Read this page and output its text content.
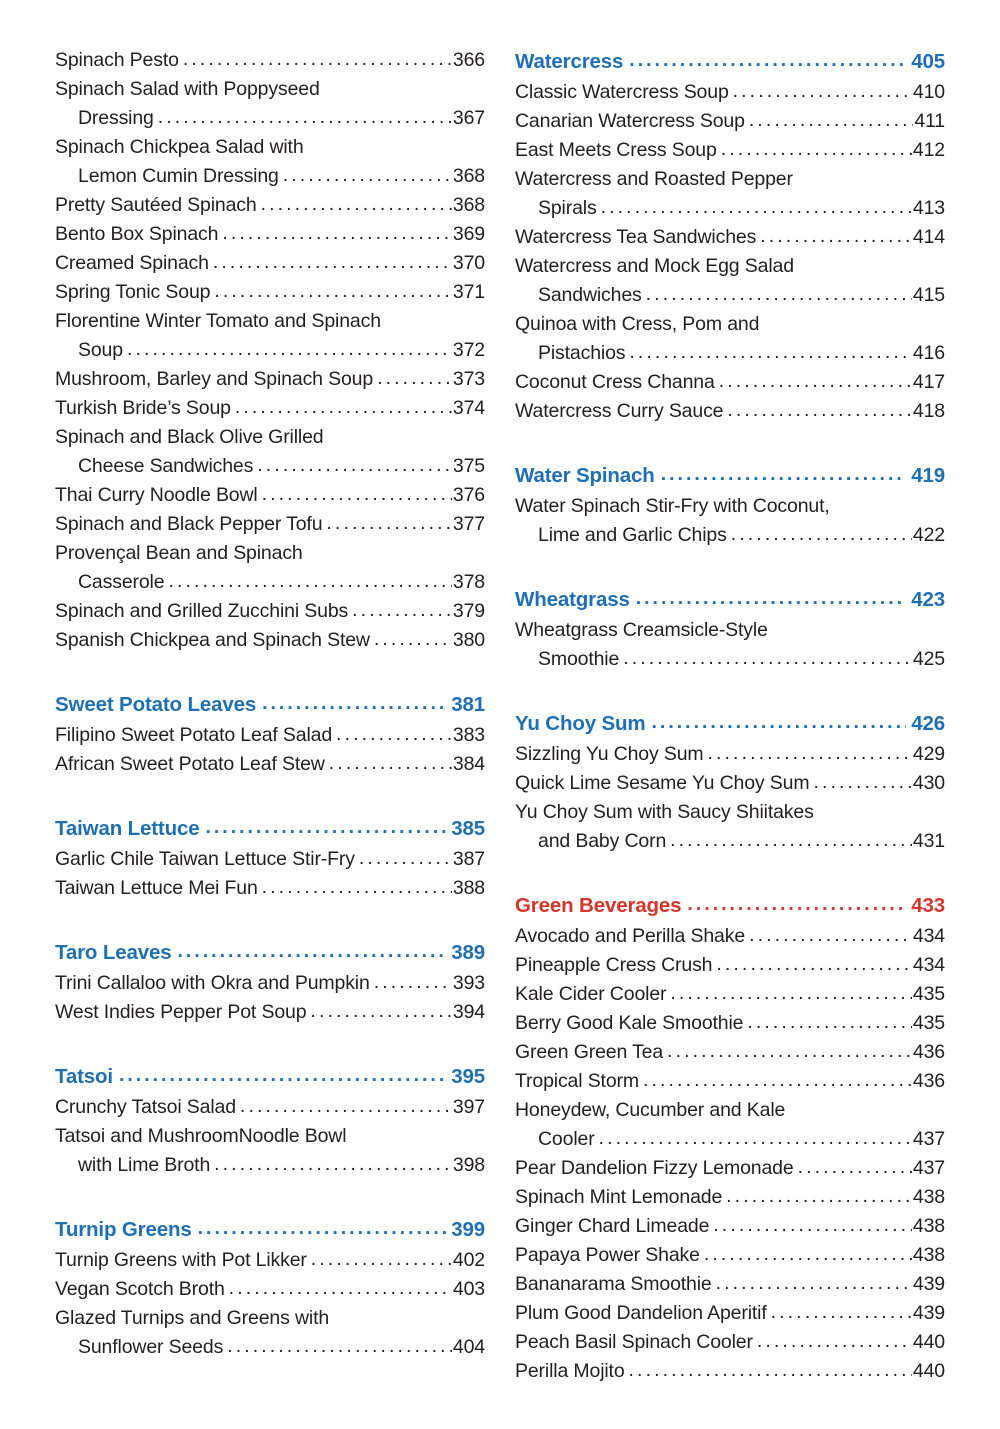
Spinach Pesto .....	366
Spinach Salad with Poppyseed
Dressing .....	367
Spinach Chickpea Salad with
Lemon Cumin Dressing .....	368
Pretty Sautéed Spinach .....	368
Bento Box Spinach .....	369
Creamed Spinach .....	370
Spring Tonic Soup .....	371
Florentine Winter Tomato and Spinach
Soup .....	372
Mushroom, Barley and Spinach Soup .....	373
Turkish Bride’s Soup .....	374
Spinach and Black Olive Grilled
Cheese Sandwiches .....	375
Thai Curry Noodle Bowl .....	376
Spinach and Black Pepper Tofu .....	377
Provençal Bean and Spinach
Casserole .....	378
Spinach and Grilled Zucchini Subs .....	379
Spanish Chickpea and Spinach Stew .....	380
Sweet Potato Leaves .....	381
Filipino Sweet Potato Leaf Salad .....	383
African Sweet Potato Leaf Stew .....	384
Taiwan Lettuce .....	385
Garlic Chile Taiwan Lettuce Stir-Fry .....	387
Taiwan Lettuce Mei Fun .....	388
Taro Leaves .....	389
Trini Callaloo with Okra and Pumpkin .....	393
West Indies Pepper Pot Soup .....	394
Tatsoi .....	395
Crunchy Tatsoi Salad .....	397
Tatsoi and MushroomNoodle Bowl
with Lime Broth .....	398
Turnip Greens .....	399
Turnip Greens with Pot Likker .....	402
Vegan Scotch Broth .....	403
Glazed Turnips and Greens with
Sunflower Seeds .....	404
Watercress .....	405
Classic Watercress Soup .....	410
Canarian Watercress Soup .....	411
East Meets Cress Soup .....	412
Watercress and Roasted Pepper
Spirals .....	413
Watercress Tea Sandwiches .....	414
Watercress and Mock Egg Salad
Sandwiches .....	415
Quinoa with Cress, Pom and
Pistachios .....	416
Coconut Cress Channa .....	417
Watercress Curry Sauce .....	418
Water Spinach .....	419
Water Spinach Stir-Fry with Coconut,
Lime and Garlic Chips .....	422
Wheatgrass .....	423
Wheatgrass Creamsicle-Style
Smoothie .....	425
Yu Choy Sum .....	426
Sizzling Yu Choy Sum .....	429
Quick Lime Sesame Yu Choy Sum .....	430
Yu Choy Sum with Saucy Shiitakes
and Baby Corn .....	431
Green Beverages .....	433
Avocado and Perilla Shake .....	434
Pineapple Cress Crush .....	434
Kale Cider Cooler .....	435
Berry Good Kale Smoothie .....	435
Green Green Tea .....	436
Tropical Storm .....	436
Honeydew, Cucumber and Kale
Cooler .....	437
Pear Dandelion Fizzy Lemonade .....	437
Spinach Mint Lemonade .....	438
Ginger Chard Limeade .....	438
Papaya Power Shake .....	438
Bananarama Smoothie .....	439
Plum Good Dandelion Aperitif .....	439
Peach Basil Spinach Cooler .....	440
Perilla Mojito .....	440
